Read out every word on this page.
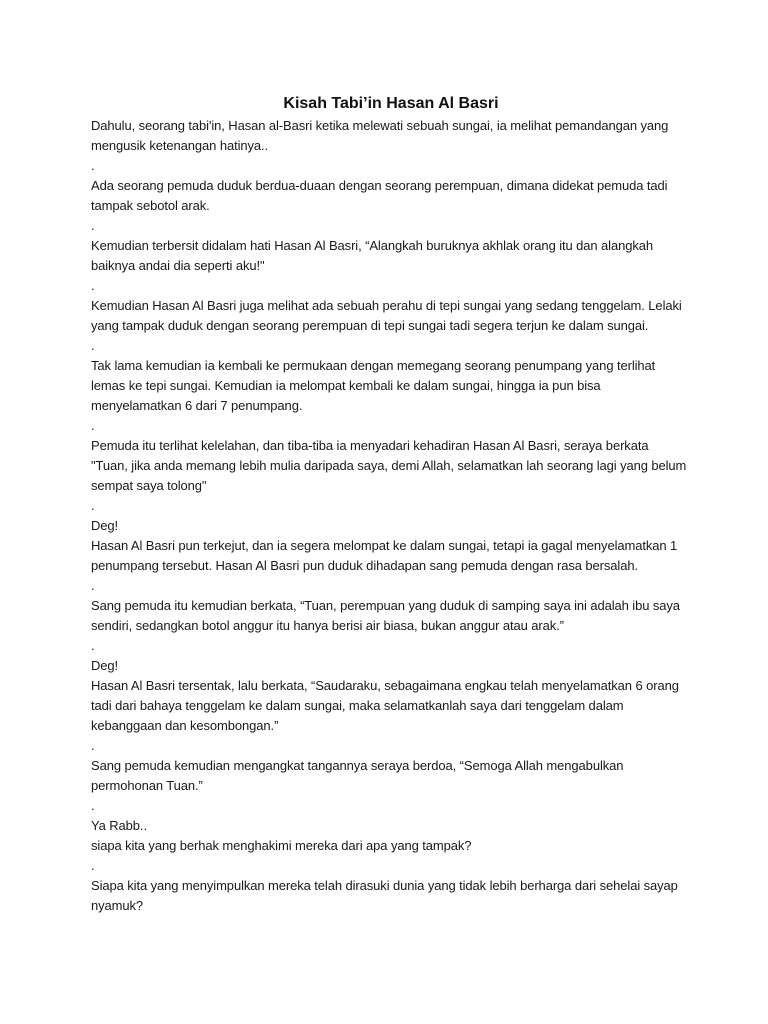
Kisah Tabi’in Hasan Al Basri

Dahulu, seorang tabi'in, Hasan al-Basri ketika melewati sebuah sungai, ia melihat pemandangan yang
mengusik ketenangan hatinya..

.

Ada seorang pemuda duduk berdua-duaan dengan seorang perempuan, dimana didekat pemuda tadi
tampak sebotol arak.

.

Kemudian terbersit didalam hati Hasan Al Basri, “Alangkah buruknya akhlak orang itu dan alangkah
baiknya andai dia seperti aku!"

.

Kemudian Hasan Al Basri juga melihat ada sebuah perahu di tepi sungai yang sedang tenggelam. Lelaki
yang tampak duduk dengan seorang perempuan di tepi sungai tadi segera terjun ke dalam sungai.

.

Tak lama kemudian ia kembali ke permukaan dengan memegang seorang penumpang yang terlihat
lemas ke tepi sungai. Kemudian ia melompat kembali ke dalam sungai, hingga ia pun bisa
menyelamatkan 6 dari 7 penumpang.

.

Pemuda itu terlihat kelelahan, dan tiba-tiba ia menyadari kehadiran Hasan Al Basri, seraya berkata
"Tuan, jika anda memang lebih mulia daripada saya, demi Allah, selamatkan lah seorang lagi yang belum
sempat saya tolong"

.

Deg!
Hasan Al Basri pun terkejut, dan ia segera melompat ke dalam sungai, tetapi ia gagal menyelamatkan 1
penumpang tersebut. Hasan Al Basri pun duduk dihadapan sang pemuda dengan rasa bersalah.

.

Sang pemuda itu kemudian berkata, “Tuan, perempuan yang duduk di samping saya ini adalah ibu saya
sendiri, sedangkan botol anggur itu hanya berisi air biasa, bukan anggur atau arak.”

.

Deg!
Hasan Al Basri tersentak, lalu berkata, “Saudaraku, sebagaimana engkau telah menyelamatkan 6 orang
tadi dari bahaya tenggelam ke dalam sungai, maka selamatkanlah saya dari tenggelam dalam
kebanggaan dan kesombongan.”

.

Sang pemuda kemudian mengangkat tangannya seraya berdoa, “Semoga Allah mengabulkan
permohonan Tuan.”

.

Ya Rabb..
siapa kita yang berhak menghakimi mereka dari apa yang tampak?

.

Siapa kita yang menyimpulkan mereka telah dirasuki dunia yang tidak lebih berharga dari sehelai sayap
nyamuk?
